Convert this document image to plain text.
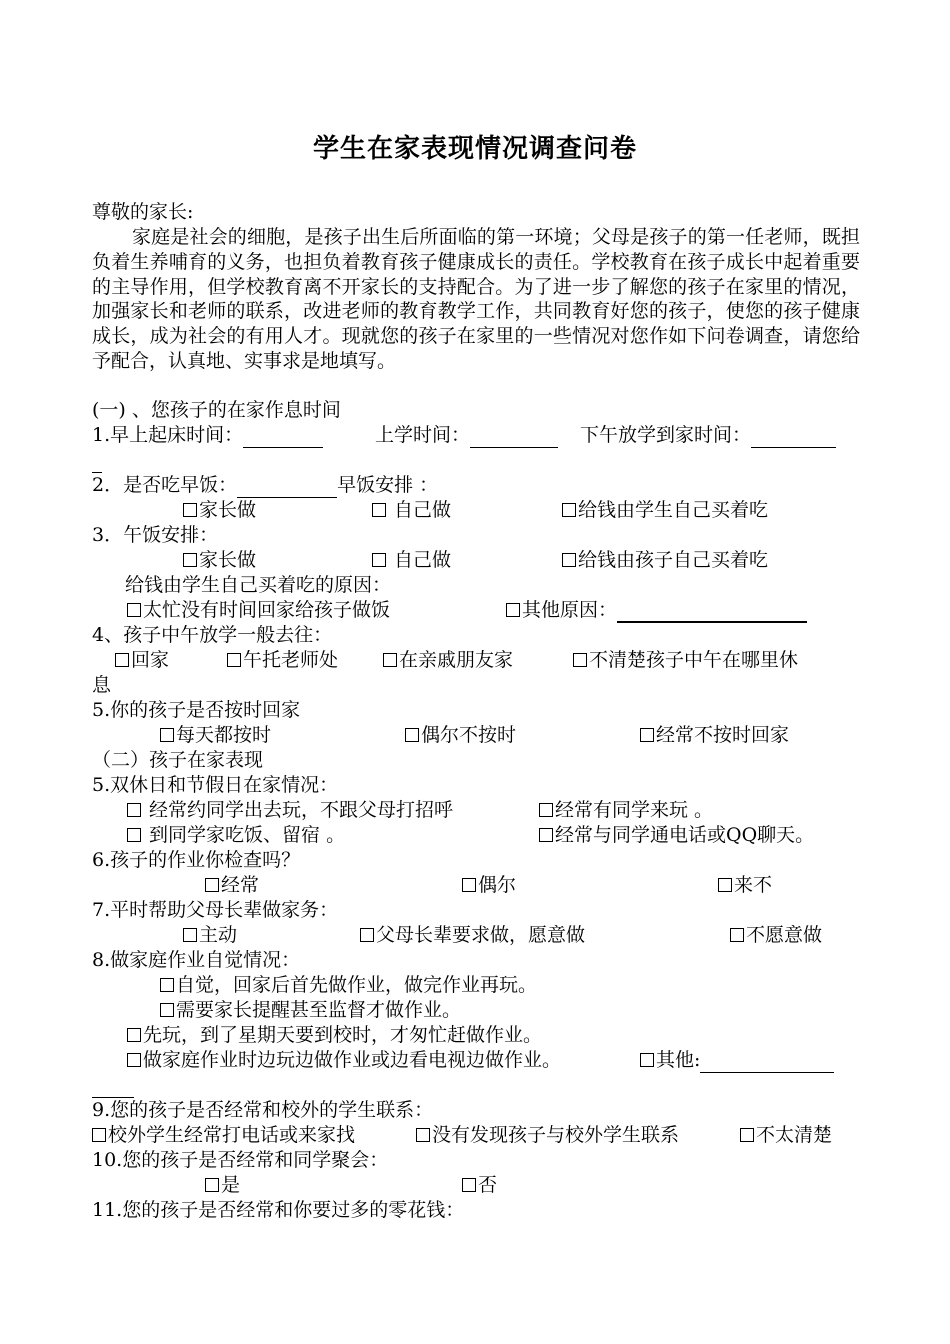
学生在家表现情况调查问卷
尊敬的家长:
家庭是社会的细胞，是孩子出生后所面临的第一环境；父母是孩子的第一任老师，既担负着生养哺育的义务，也担负着教育孩子健康成长的责任。学校教育在孩子成长中起着重要的主导作用，但学校教育离不开家长的支持配合。为了进一步了解您的孩子在家里的情况，加强家长和老师的联系，改进老师的教育教学工作，共同教育好您的孩子，使您的孩子健康成长，成为社会的有用人才。现就您的孩子在家里的一些情况对您作如下问卷调查，请您给予配合，认真地、实事求是地填写。
(一) 、您孩子的在家作息时间
1.早上起床时间：	上学时间：	下午放学到家时间：
2．是否吃早饭：	早饭安排 ：
家长做	自己做	给钱由学生自己买着吃
3．午饭安排：
家长做	自己做	给钱由孩子自己买着吃
给钱由学生自己买着吃的原因：
太忙没有时间回家给孩子做饭	其他原因：
4、孩子中午放学一般去往：
回家	午托老师处	在亲戚朋友家	不清楚孩子中午在哪里休
息
5.你的孩子是否按时回家
每天都按时	偶尔不按时	经常不按时回家
（二）孩子在家表现
5.双休日和节假日在家情况：
经常约同学出去玩，不跟父母打招呼	经常有同学来玩 。
到同学家吃饭、留宿 。	经常与同学通电话或QQ聊天。
6.孩子的作业你检查吗？
经常	偶尔	来不
7.平时帮助父母长辈做家务：
主动	父母长辈要求做，愿意做	不愿意做
8.做家庭作业自觉情况：
自觉，回家后首先做作业，做完作业再玩。
需要家长提醒甚至监督才做作业。
先玩，到了星期天要到校时，才匆忙赶做作业。
做家庭作业时边玩边做作业或边看电视边做作业。	其他:
9.您的孩子是否经常和校外的学生联系：
校外学生经常打电话或来家找	没有发现孩子与校外学生联系	不太清楚
10.您的孩子是否经常和同学聚会：
是	否
11.您的孩子是否经常和你要过多的零花钱：
